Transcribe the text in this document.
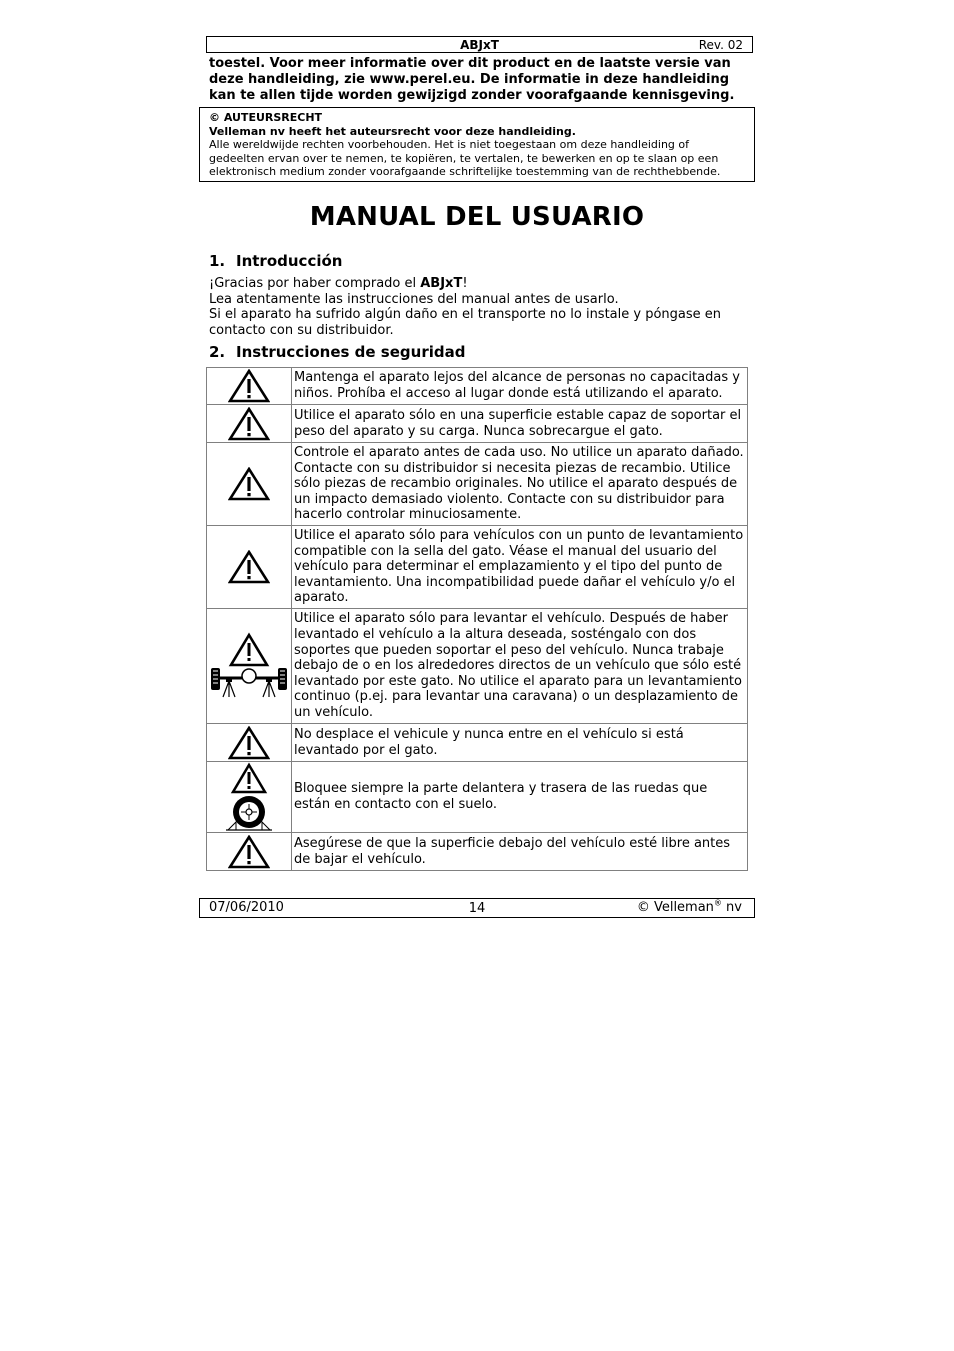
ABJxT	Rev. 02
toestel. Voor meer informatie over dit product en de laatste versie van deze handleiding, zie www.perel.eu. De informatie in deze handleiding kan te allen tijde worden gewijzigd zonder voorafgaande kennisgeving.
© AUTEURSRECHT
Velleman nv heeft het auteursrecht voor deze handleiding.
Alle wereldwijde rechten voorbehouden. Het is niet toegestaan om deze handleiding of gedeelten ervan over te nemen, te kopiëren, te vertalen, te bewerken en op te slaan op een elektronisch medium zonder voorafgaande schriftelijke toestemming van de rechthebbende.
MANUAL DEL USUARIO
1. Introducción
¡Gracias por haber comprado el ABJxT!
Lea atentamente las instrucciones del manual antes de usarlo.
Si el aparato ha sufrido algún daño en el transporte no lo instale y póngase en contacto con su distribuidor.
2. Instrucciones de seguridad
	Mantenga el aparato lejos del alcance de personas no capacitadas y niños. Prohíba el acceso al lugar donde está utilizando el aparato.

	Utilice el aparato sólo en una superficie estable capaz de soportar el peso del aparato y su carga. Nunca sobrecargue el gato.

	Controle el aparato antes de cada uso. No utilice un aparato dañado. Contacte con su distribuidor si necesita piezas de recambio. Utilice sólo piezas de recambio originales. No utilice el aparato después de un impacto demasiado violento. Contacte con su distribuidor para hacerlo controlar minuciosamente.

	Utilice el aparato sólo para vehículos con un punto de levantamiento compatible con la sella del gato. Véase el manual del usuario del vehículo para determinar el emplazamiento y el tipo del punto de levantamiento. Una incompatibilidad puede dañar el vehículo y/o el aparato.

	Utilice el aparato sólo para levantar el vehículo. Después de haber levantado el vehículo a la altura deseada, sosténgalo con dos soportes que pueden soportar el peso del vehículo. Nunca trabaje debajo de o en los alrededores directos de un vehículo que sólo esté levantado por este gato. No utilice el aparato para un levantamiento continuo (p.ej. para levantar una caravana) o un desplazamiento de un vehículo.

	No desplace el vehicule y nunca entre en el vehículo si está levantado por el gato.

	Bloquee siempre la parte delantera y trasera de las ruedas que están en contacto con el suelo.

	Asegúrese de que la superficie debajo del vehículo esté libre antes de bajar el vehículo.
07/06/2010	14	© Velleman® nv
